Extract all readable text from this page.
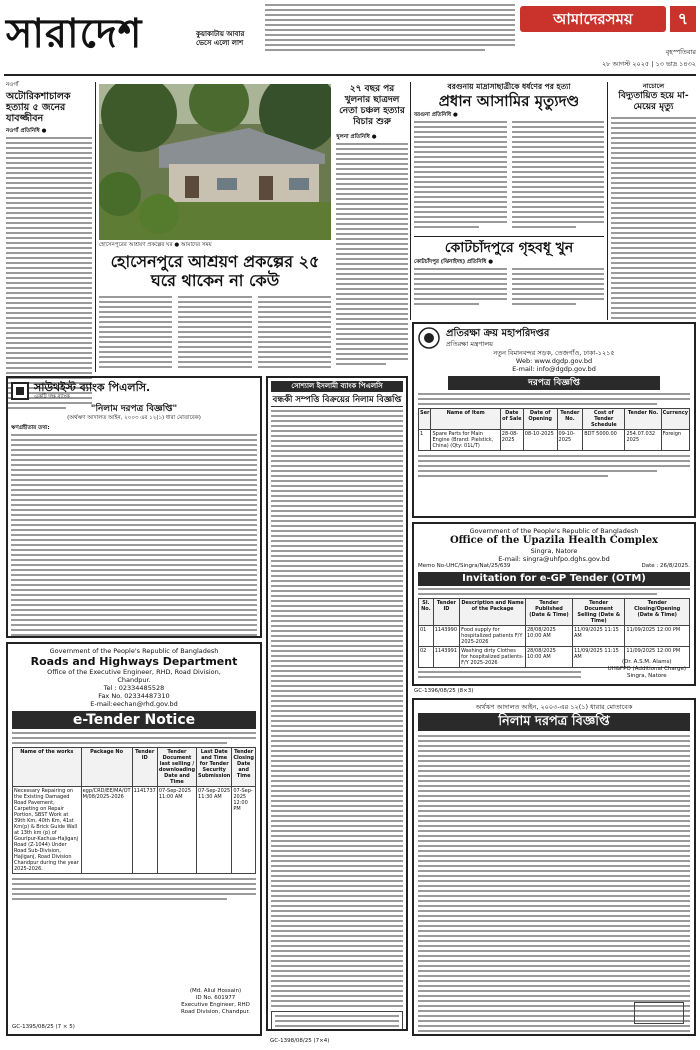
সারাদেশ	কুয়াকাটায় আবার ভেসে এলো লাশ
আমাদেরসময়	৭
বৃহস্পতিবার
২৮ আগস্ট ২০২৫ | ১৩ ভাদ্র ১৪৩২
নওগাঁ
অটোরিকশাচালক হত্যায় ৫ জনের যাবজ্জীবন
নওগাঁ প্রতিনিধি ●
হোসেনপুরের আশ্রয়ণ প্রকল্পের ঘর ● আমাদের সময়
২৭ বছর পর খুলনার ছাত্রদল নেতা চঞ্চল হত্যার বিচার শুরু
খুলনা প্রতিনিধি ●
হোসেনপুরে আশ্রয়ণ প্রকল্পের ২৫ ঘরে থাকেন না কেউ
বরগুনায় মাদ্রাসাছাত্রীকে ধর্ষণের পর হত্যা
প্রধান আসামির মৃত্যুদণ্ড
বরগুনা প্রতিনিধি ●
নাচোলে
বিদ্যুতায়িত হয়ে মা-মেয়ের মৃত্যু
কোটচাঁদপুরে গৃহবধূ খুন
কোটচাঁদপুর (ঝিনাইদহ) প্রতিনিধি ●
প্রতিরক্ষা ক্রয় মহাপরিদপ্তর
প্রতিরক্ষা মন্ত্রণালয়
নতুন বিমানবন্দর সড়ক, তেজগাঁও, ঢাকা-১২১৫
Web: www.dgdp.gov.bd
E-mail: info@dgdp.gov.bd
দরপত্র বিজ্ঞপ্তি
Ser	Name of Item	Date of Sale	Date of Opening	Tender No.	Cost of Tender Schedule	Tender No.	Currency
1	Spare Parts for Main Engine (Brand: Pielstick, China) (Qty: 01L/T)	28-08-2025	08-10-2025	09-10-2025	BDT 5000.00	254.07.032 2025	Foreign
সাউথইস্ট ব্যাংক পিএলসি.
একটি দক্ষ ব্যাংক
"নিলাম দরপত্র বিজ্ঞপ্তি"
(অর্থঋণ আদালত আইন, ২০০৩ এর ১২(১) ধারা মোতাবেক)
ঋণগ্রহীতার তথ্য:
সোশ্যাল ইসলামী ব্যাংক পিএলসি
বন্ধকী সম্পত্তি বিক্রয়ের নিলাম বিজ্ঞপ্তি
Government of the People's Republic of Bangladesh
Office of the Upazila Health Complex
Singra, Natore
E-mail: singra@uhfpo.dghs.gov.bd
Memo No-UHC/Singra/Nat/25/639	Date : 26/8/2025.
Invitation for e-GP Tender (OTM)
Sl. No.	Tender ID	Description and Name of the Package	Tender Published (Date & Time)	Tender Document Selling (Date & Time)	Tender Closing/Opening (Date & Time)
01	1143990	Food supply for hospitalized patients F/Y 2025-2026	28/08/2025 10:00 AM	11/09/2025 11:15 AM	11/09/2025 12:00 PM
02	1143991	Washing dirty Clothes for hospitalized patients-F/Y 2025-2026	28/08/2025 10:00 AM	11/09/2025 11:15 AM	11/09/2025 12:00 PM
(Dr. A.S.M. Alams)
UH&FPO (Additional Charge)
Singra, Natore
Government of the People's Republic of Bangladesh
Roads and Highways Department
Office of the Executive Engineer, RHD, Road Division, Chandpur.
Tel : 02334485528
Fax No. 02334487310
E-mail:eechan@rhd.gov.bd
e-Tender Notice
Name of the works	Package No	Tender ID	Tender Document last selling / downloading Date and Time	Last Date and Time for Tender Security Submission	Tender Closing Date and Time
Necessary Repairing on the Existing Damaged Road Pavement, Carpeting on Repair Portion, SBST Work at 39th Km, 40th Km, 41st Km(p) & Brick Guide Wall at 13th km (p) of Gouripur-Kachua-Hajiganj Road (Z-1044) Under Road Sub-Division, Hajiganj, Road Division Chandpur during the year 2025-2026.	egp/CRD/EE/MA/OT M/08/2025-2026	1141737	07-Sep-2025 11:00 AM	07-Sep-2025 11:30 AM	07-Sep-2025 12:00 PM
(Md. Aliul Hossain)
ID No. 601977
Executive Engineer, RHD
Road Division, Chandpur.
GC-1395/08/25 (7 × 5)
GC-1396/08/25 (8×3)
অর্থঋণ আদালত আইন, ২০০৩-এর ১২(১) ধারার মোতাবেক
নিলাম দরপত্র বিজ্ঞপ্তি
GC-1398/08/25 (7×4)
